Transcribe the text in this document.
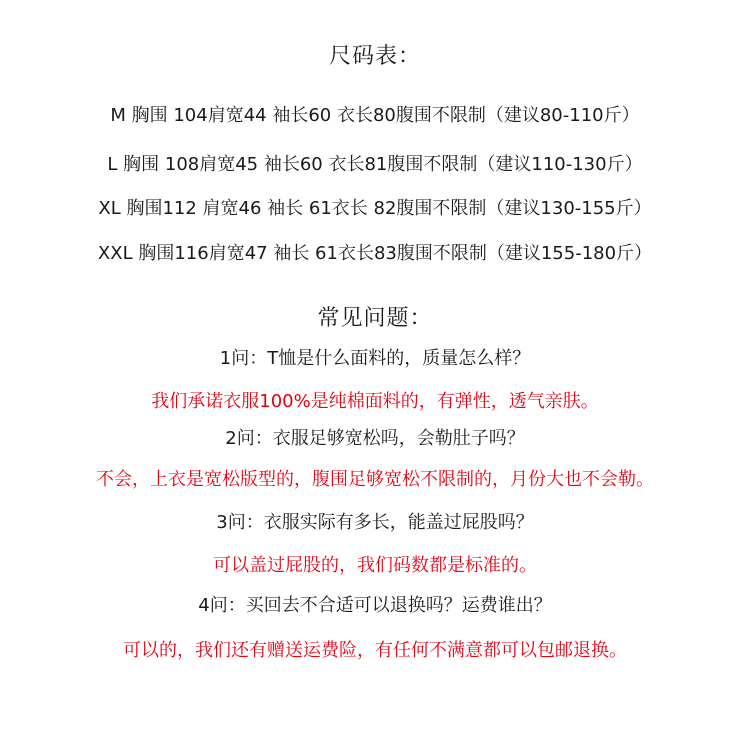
尺码表：
M 胸围 104肩宽44 袖长60 衣长80腹围不限制（建议80-110斤）
L 胸围 108肩宽45 袖长60 衣长81腹围不限制（建议110-130斤）
XL 胸围112 肩宽46 袖长 61衣长 82腹围不限制（建议130-155斤）
XXL 胸围116肩宽47 袖长 61衣长83腹围不限制（建议155-180斤）
常见问题：
1问：T恤是什么面料的，质量怎么样？
我们承诺衣服100%是纯棉面料的，有弹性，透气亲肤。
2问：衣服足够宽松吗，会勒肚子吗？
不会，上衣是宽松版型的，腹围足够宽松不限制的，月份大也不会勒。
3问：衣服实际有多长，能盖过屁股吗？
可以盖过屁股的，我们码数都是标准的。
4问：买回去不合适可以退换吗？运费谁出？
可以的，我们还有赠送运费险，有任何不满意都可以包邮退换。
